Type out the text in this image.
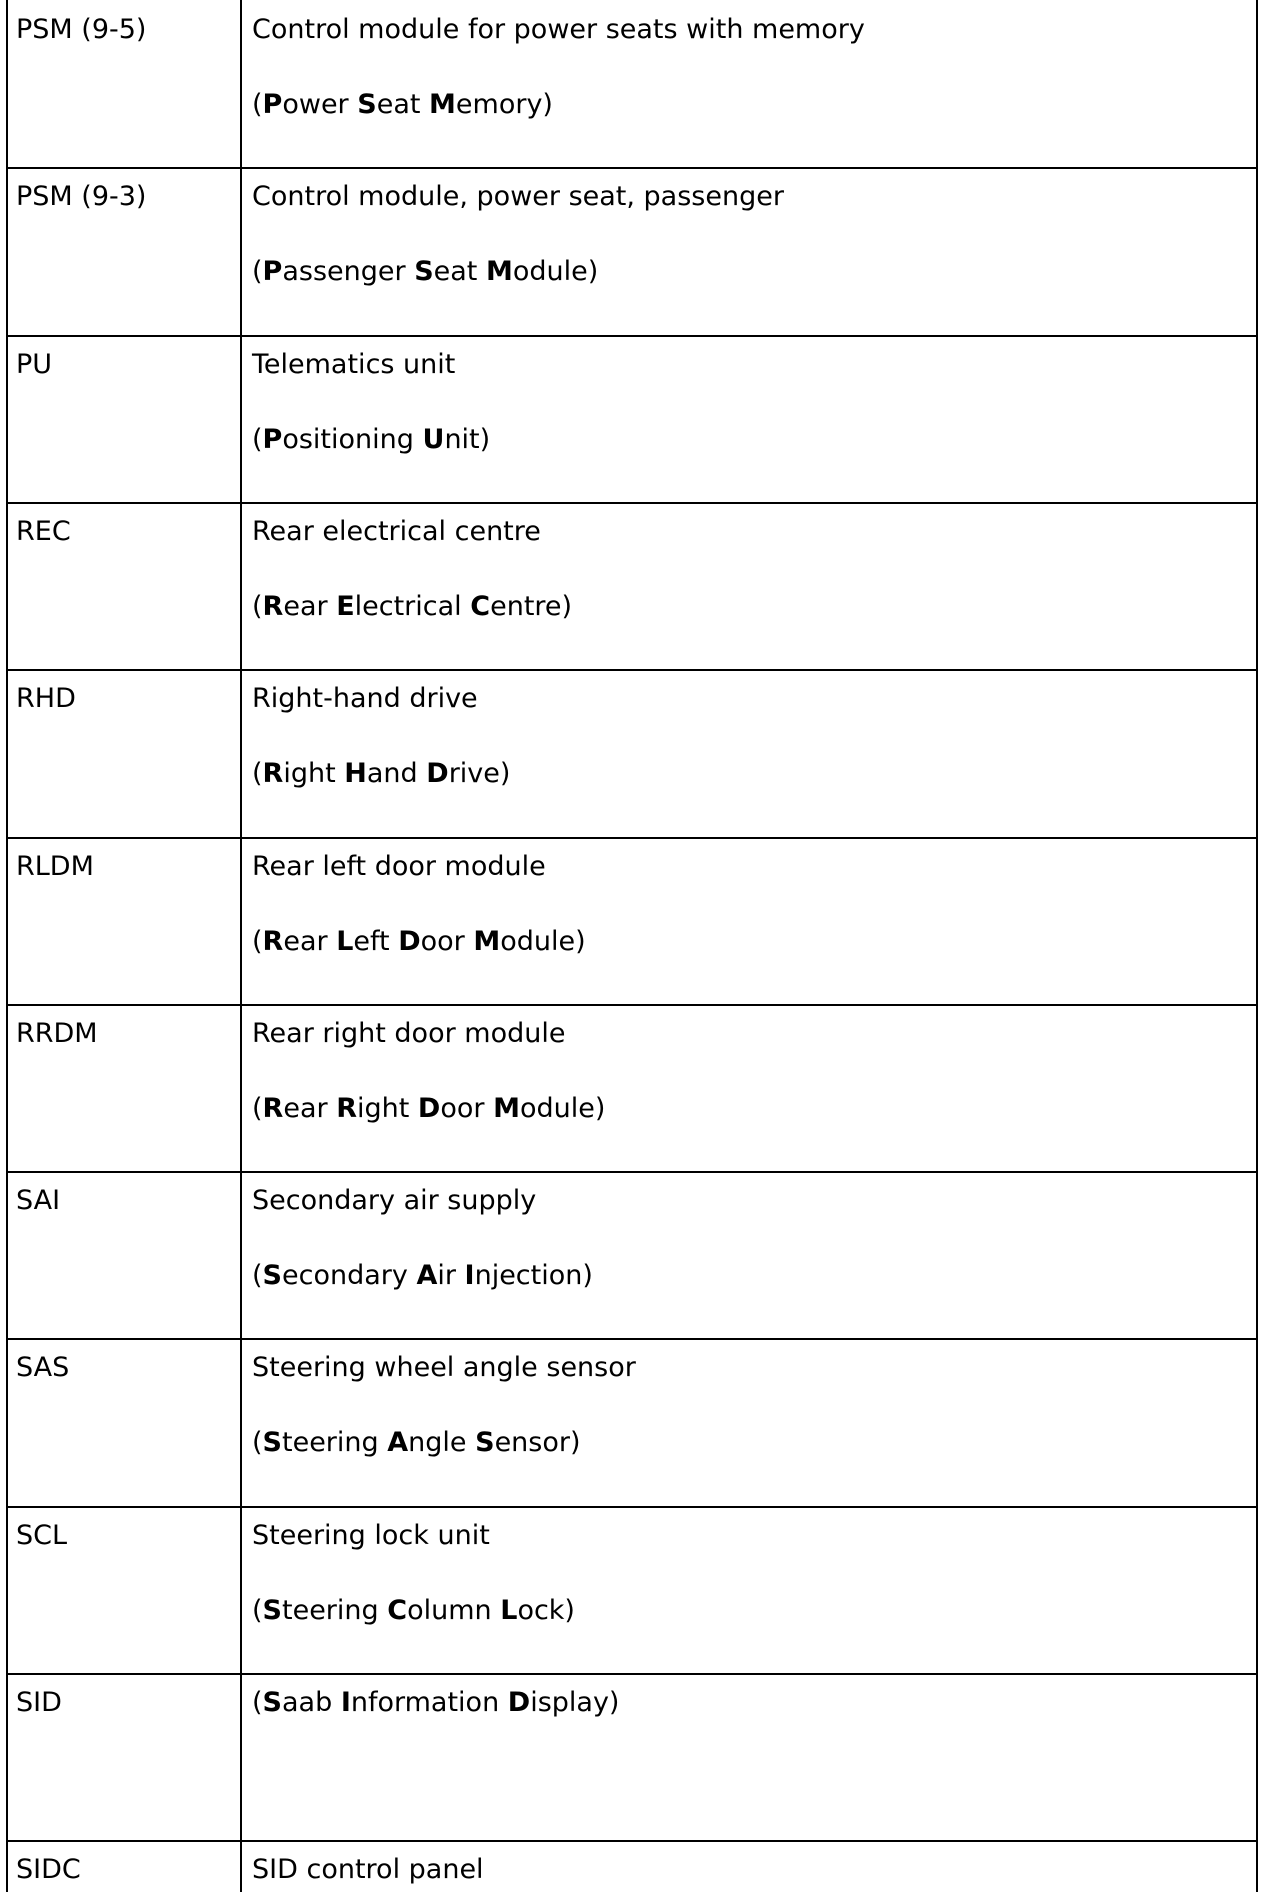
PSM (9-5)	Control module for power seats with memory
(Power Seat Memory)
PSM (9-3)	Control module, power seat, passenger
(Passenger Seat Module)
PU	Telematics unit
(Positioning Unit)
REC	Rear electrical centre
(Rear Electrical Centre)
RHD	Right-hand drive
(Right Hand Drive)
RLDM	Rear left door module
(Rear Left Door Module)
RRDM	Rear right door module
(Rear Right Door Module)
SAI	Secondary air supply
(Secondary Air Injection)
SAS	Steering wheel angle sensor
(Steering Angle Sensor)
SCL	Steering lock unit
(Steering Column Lock)
SID	(Saab Information Display)
SIDC	SID control panel
